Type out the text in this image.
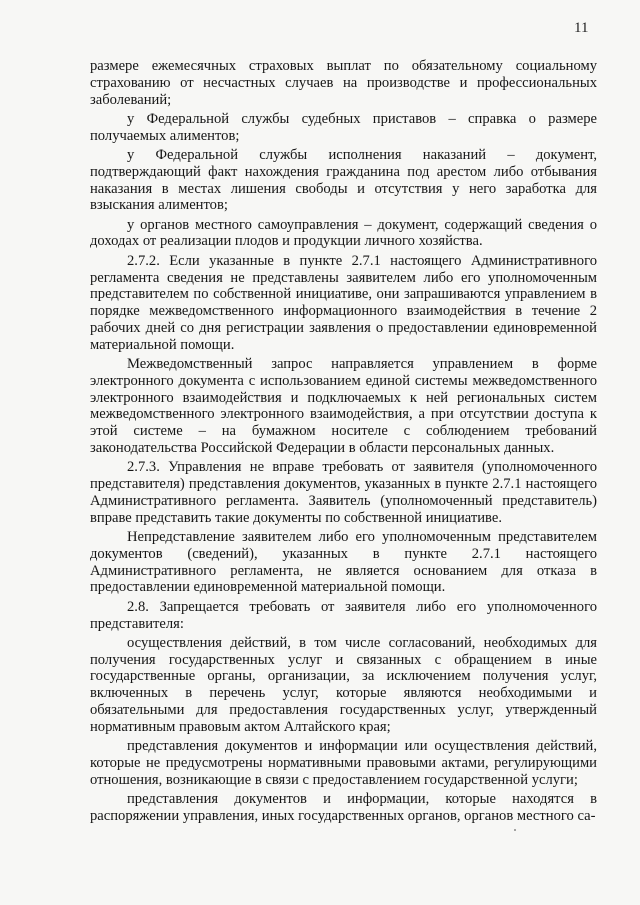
11

размере ежемесячных страховых выплат по обязательному социальному страхованию от несчастных случаев на производстве и профессиональных заболеваний;

у Федеральной службы судебных приставов – справка о размере получаемых алиментов;

у Федеральной службы исполнения наказаний – документ, подтверждающий факт нахождения гражданина под арестом либо отбывания наказания в местах лишения свободы и отсутствия у него заработка для взыскания алиментов;

у органов местного самоуправления – документ, содержащий сведения о доходах от реализации плодов и продукции личного хозяйства.

2.7.2. Если указанные в пункте 2.7.1 настоящего Административного регламента сведения не представлены заявителем либо его уполномоченным представителем по собственной инициативе, они запрашиваются управлением в порядке межведомственного информационного взаимодействия в течение 2 рабочих дней со дня регистрации заявления о предоставлении единовременной материальной помощи.

Межведомственный запрос направляется управлением в форме электронного документа с использованием единой системы межведомственного электронного взаимодействия и подключаемых к ней региональных систем межведомственного электронного взаимодействия, а при отсутствии доступа к этой системе – на бумажном носителе с соблюдением требований законодательства Российской Федерации в области персональных данных.

2.7.3. Управления не вправе требовать от заявителя (уполномоченного представителя) представления документов, указанных в пункте 2.7.1 настоящего Административного регламента. Заявитель (уполномоченный представитель) вправе представить такие документы по собственной инициативе.

Непредставление заявителем либо его уполномоченным представителем документов (сведений), указанных в пункте 2.7.1 настоящего Административного регламента, не является основанием для отказа в предоставлении единовременной материальной помощи.

2.8. Запрещается требовать от заявителя либо его уполномоченного представителя:

осуществления действий, в том числе согласований, необходимых для получения государственных услуг и связанных с обращением в иные государственные органы, организации, за исключением получения услуг, включенных в перечень услуг, которые являются необходимыми и обязательными для предоставления государственных услуг, утвержденный нормативным правовым актом Алтайского края;

представления документов и информации или осуществления действий, которые не предусмотрены нормативными правовыми актами, регулирующими отношения, возникающие в связи с предоставлением государственной услуги;

представления документов и информации, которые находятся в распоряжении управления, иных государственных органов, органов местного са-
